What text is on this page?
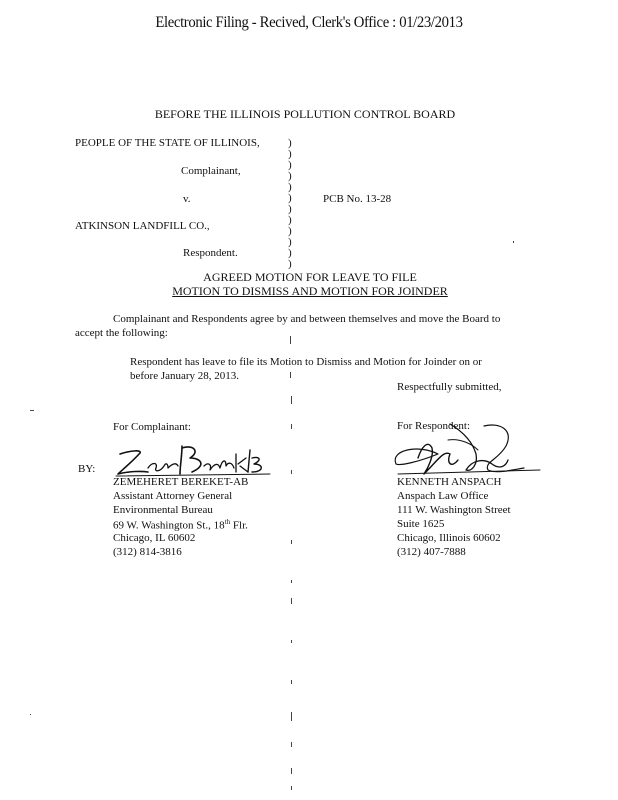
Electronic Filing - Recived, Clerk's Office : 01/23/2013
BEFORE THE ILLINOIS POLLUTION CONTROL BOARD
PEOPLE OF THE STATE OF ILLINOIS,
Complainant,
v.	PCB No. 13-28
ATKINSON LANDFILL CO.,
Respondent.
)
)
)
)
)
)
)
)
)
)
)
)
AGREED MOTION FOR LEAVE TO FILE
MOTION TO DISMISS AND MOTION FOR JOINDER
Complainant and Respondents agree by and between themselves and move the Board to
accept the following:
Respondent has leave to file its Motion to Dismiss and Motion for Joinder on or
before January 28, 2013.
Respectfully submitted,
For Complainant:
BY:
ZEMEHERET BEREKET-AB
Assistant Attorney General
Environmental Bureau
69 W. Washington St., 18th Flr.
Chicago, IL 60602
(312) 814-3816
For Respondent:
KENNETH ANSPACH
Anspach Law Office
111 W. Washington Street
Suite 1625
Chicago, Illinois 60602
(312) 407-7888
